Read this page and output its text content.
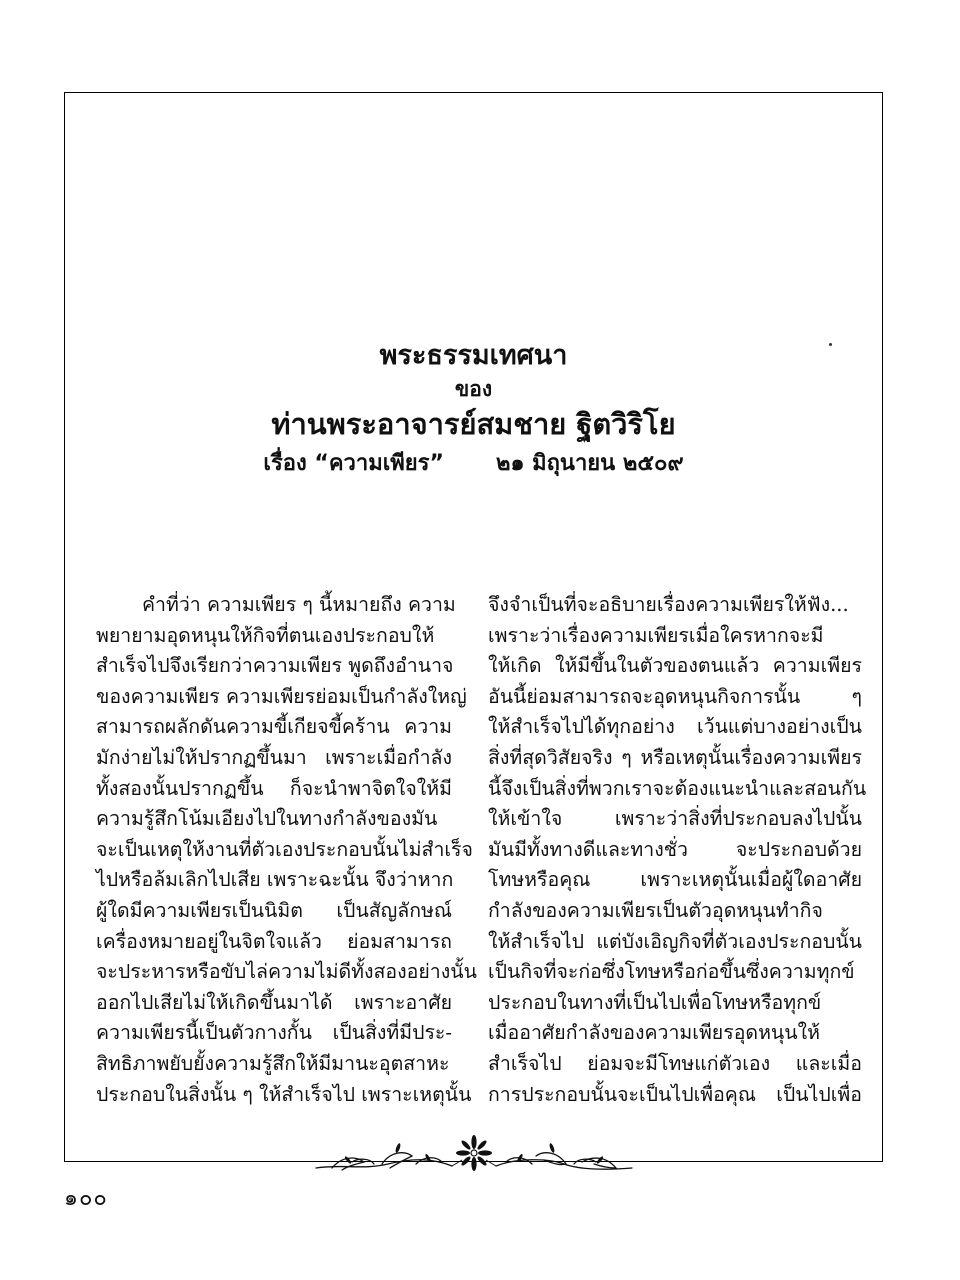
พระธรรมเทศนา
ของ
ท่านพระอาจารย์สมชาย ฐิตวิริโย
เรื่อง “ความเพียร” ๒๑ มิถุนายน ๒๕๐๙
คำที่ว่า ความเพียร ๆ นี้หมายถึง ความ
พยายามอุดหนุนให้กิจที่ตนเองประกอบให้
สำเร็จไปจึงเรียกว่าความเพียร พูดถึงอำนาจ
ของความเพียร ความเพียรย่อมเป็นกำลังใหญ่
สามารถผลักดันความขี้เกียจขี้คร้าน ความ
มักง่ายไม่ให้ปรากฏขึ้นมา เพราะเมื่อกำลัง
ทั้งสองนั้นปรากฏขึ้น ก็จะนำพาจิตใจให้มี
ความรู้สึกโน้มเอียงไปในทางกำลังของมัน
จะเป็นเหตุให้งานที่ตัวเองประกอบนั้นไม่สำเร็จ
ไปหรือล้มเลิกไปเสีย เพราะฉะนั้น จึงว่าหาก
ผู้ใดมีความเพียรเป็นนิมิต เป็นสัญลักษณ์
เครื่องหมายอยู่ในจิตใจแล้ว ย่อมสามารถ
จะประหารหรือขับไล่ความไม่ดีทั้งสองอย่างนั้น
ออกไปเสียไม่ให้เกิดขึ้นมาได้ เพราะอาศัย
ความเพียรนี้เป็นตัวกางกั้น เป็นสิ่งที่มีประ-
สิทธิภาพยับยั้งความรู้สึกให้มีมานะอุตสาหะ
ประกอบในสิ่งนั้น ๆ ให้สำเร็จไป เพราะเหตุนั้น
จึงจำเป็นที่จะอธิบายเรื่องความเพียรให้ฟัง...
เพราะว่าเรื่องความเพียรเมื่อใครหากจะมี
ให้เกิด ให้มีขึ้นในตัวของตนแล้ว ความเพียร
อันนี้ย่อมสามารถจะอุดหนุนกิจการนั้น ๆ
ให้สำเร็จไปได้ทุกอย่าง เว้นแต่บางอย่างเป็น
สิ่งที่สุดวิสัยจริง ๆ หรือเหตุนั้นเรื่องความเพียร
นี้จึงเป็นสิ่งที่พวกเราจะต้องแนะนำและสอนกัน
ให้เข้าใจ เพราะว่าสิ่งที่ประกอบลงไปนั้น
มันมีทั้งทางดีและทางชั่ว จะประกอบด้วย
โทษหรือคุณ เพราะเหตุนั้นเมื่อผู้ใดอาศัย
กำลังของความเพียรเป็นตัวอุดหนุนทำกิจ
ให้สำเร็จไป แต่บังเอิญกิจที่ตัวเองประกอบนั้น
เป็นกิจที่จะก่อซึ่งโทษหรือก่อขึ้นซึ่งความทุกข์
ประกอบในทางที่เป็นไปเพื่อโทษหรือทุกข์
เมื่ออาศัยกำลังของความเพียรอุดหนุนให้
สำเร็จไป ย่อมจะมีโทษแก่ตัวเอง และเมื่อ
การประกอบนั้นจะเป็นไปเพื่อคุณ เป็นไปเพื่อ
๑๐๐
